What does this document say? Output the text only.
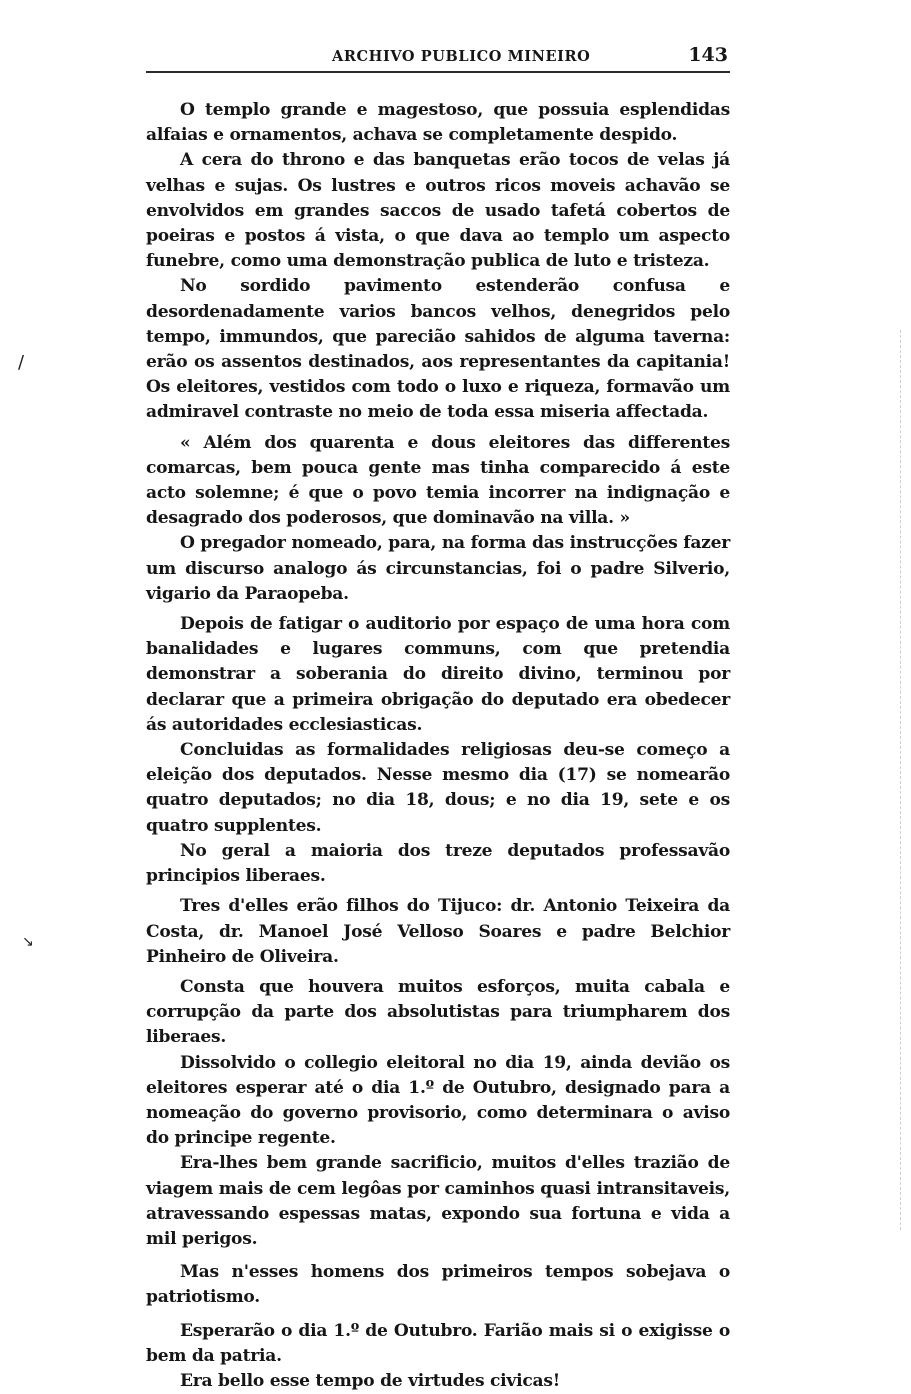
ARCHIVO PUBLICO MINEIRO	143
/
↘

O templo grande e magestoso, que possuia esplendidas alfaias e ornamentos, achava se completamente despido.

A cera do throno e das banquetas erão tocos de velas já velhas e sujas. Os lustres e outros ricos moveis achavão se envolvidos em grandes saccos de usado tafetá cobertos de poeiras e postos á vista, o que dava ao templo um aspecto funebre, como uma demonstração publica de luto e tristeza.

No sordido pavimento estenderão confusa e desordenadamente varios bancos velhos, denegridos pelo tempo, immundos, que parecião sahidos de alguma taverna: erão os assentos destinados, aos representantes da capitania! Os eleitores, vestidos com todo o luxo e riqueza, formavão um admiravel contraste no meio de toda essa miseria affectada.

« Além dos quarenta e dous eleitores das differentes comarcas, bem pouca gente mas tinha comparecido á este acto solemne; é que o povo temia incorrer na indignação e desagrado dos poderosos, que dominavão na villa. »

O pregador nomeado, para, na forma das instrucções fazer um discurso analogo ás circunstancias, foi o padre Silverio, vigario da Paraopeba.

Depois de fatigar o auditorio por espaço de uma hora com banalidades e lugares communs, com que pretendia demonstrar a soberania do direito divino, terminou por declarar que a primeira obrigação do deputado era obedecer ás autoridades ecclesiasticas.

Concluidas as formalidades religiosas deu-se começo a eleição dos deputados. Nesse mesmo dia (17) se nomearão quatro deputados; no dia 18, dous; e no dia 19, sete e os quatro supplentes.

No geral a maioria dos treze deputados professavão principios liberaes.

Tres d'elles erão filhos do Tijuco: dr. Antonio Teixeira da Costa, dr. Manoel José Velloso Soares e padre Belchior Pinheiro de Oliveira.

Consta que houvera muitos esforços, muita cabala e corrupção da parte dos absolutistas para triumpharem dos liberaes.

Dissolvido o collegio eleitoral no dia 19, ainda devião os eleitores esperar até o dia 1.º de Outubro, designado para a nomeação do governo provisorio, como determinara o aviso do principe regente.

Era-lhes bem grande sacrificio, muitos d'elles trazião de viagem mais de cem legôas por caminhos quasi intransitaveis, atravessando espessas matas, expondo sua fortuna e vida a mil perigos.

Mas n'esses homens dos primeiros tempos sobejava o patriotismo.

Esperarão o dia 1.º de Outubro. Farião mais si o exigisse o bem da patria.

Era bello esse tempo de virtudes civicas!
